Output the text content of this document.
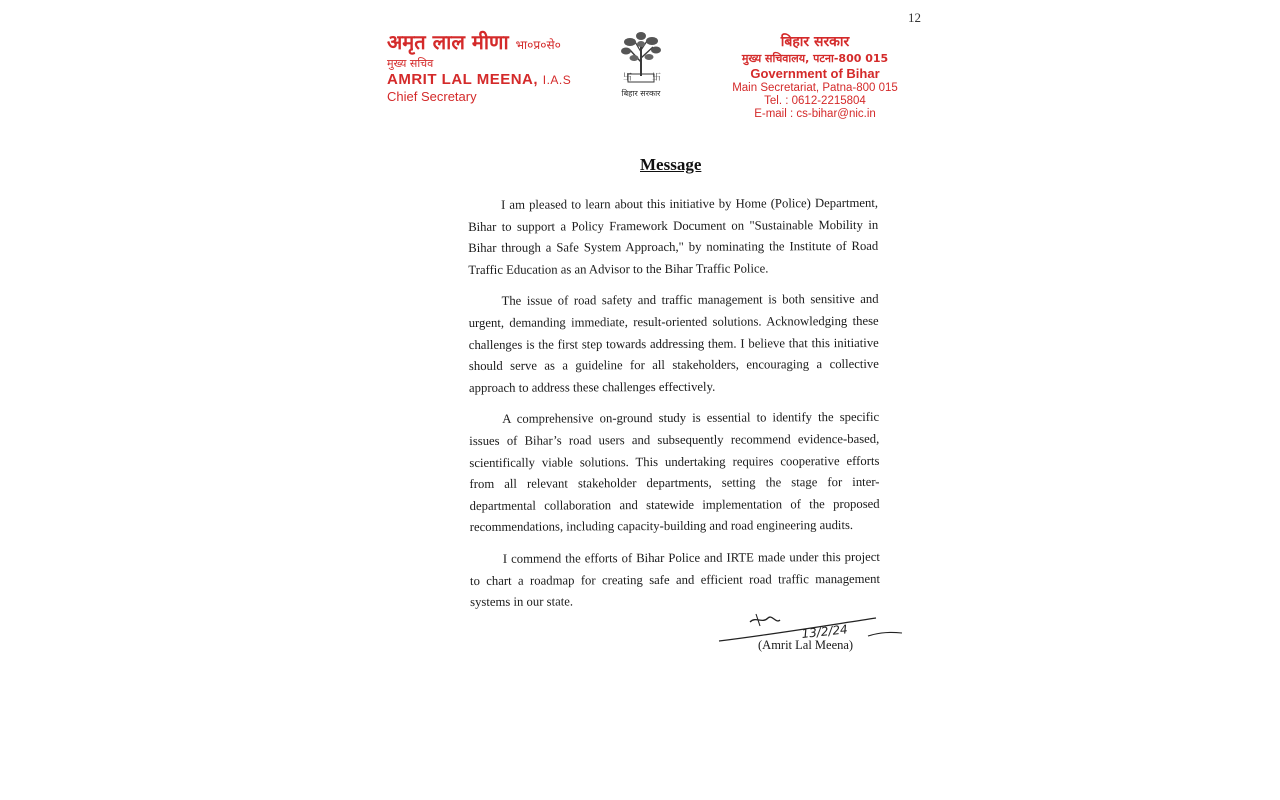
12
अमृत लाल मीणा भा०प्र०से०
मुख्य सचिव
AMRIT LAL MEENA, I.A.S
Chief Secretary
卐 卐
बिहार सरकार
बिहार सरकार
मुख्य सचिवालय, पटना-800 015
Government of Bihar
Main Secretariat, Patna-800 015
Tel. : 0612-2215804
E-mail : cs-bihar@nic.in
Message

I am pleased to learn about this initiative by Home (Police) Department, Bihar to support a Policy Framework Document on "Sustainable Mobility in Bihar through a Safe System Approach," by nominating the Institute of Road Traffic Education as an Advisor to the Bihar Traffic Police.

The issue of road safety and traffic management is both sensitive and urgent, demanding immediate, result-oriented solutions. Acknowledging these challenges is the first step towards addressing them. I believe that this initiative should serve as a guideline for all stakeholders, encouraging a collective approach to address these challenges effectively.

A comprehensive on-ground study is essential to identify the specific issues of Bihar’s road users and subsequently recommend evidence-based, scientifically viable solutions. This undertaking requires cooperative efforts from all relevant stakeholder departments, setting the stage for inter-departmental collaboration and statewide implementation of the proposed recommendations, including capacity-building and road engineering audits.

I commend the efforts of Bihar Police and IRTE made under this project to chart a roadmap for creating safe and efficient road traffic management systems in our state.

13/2/24
(Amrit Lal Meena)
